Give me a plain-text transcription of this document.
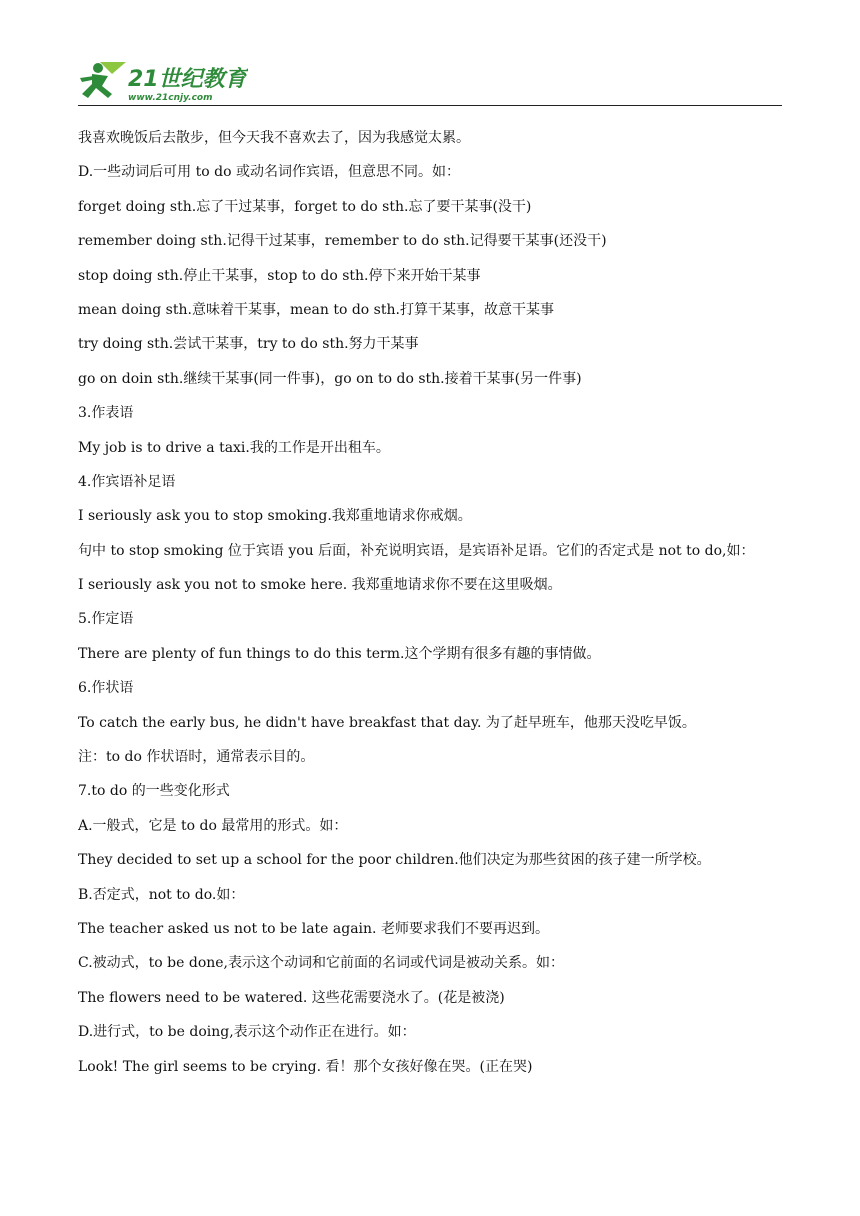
21世纪教育
www.21cnjy.com
我喜欢晚饭后去散步，但今天我不喜欢去了，因为我感觉太累。
D.一些动词后可用 to do 或动名词作宾语，但意思不同。如：
forget doing sth.忘了干过某事，forget to do sth.忘了要干某事(没干)
remember doing sth.记得干过某事，remember to do sth.记得要干某事(还没干)
stop doing sth.停止干某事，stop to do sth.停下来开始干某事
mean doing sth.意味着干某事，mean to do sth.打算干某事，故意干某事
try doing sth.尝试干某事，try to do sth.努力干某事
go on doin sth.继续干某事(同一件事)，go on to do sth.接着干某事(另一件事)
3.作表语
My job is to drive a taxi.我的工作是开出租车。
4.作宾语补足语
I seriously ask you to stop smoking.我郑重地请求你戒烟。
句中 to stop smoking 位于宾语 you 后面，补充说明宾语，是宾语补足语。它们的否定式是 not to do,如：
I seriously ask you not to smoke here. 我郑重地请求你不要在这里吸烟。
5.作定语
There are plenty of fun things to do this term.这个学期有很多有趣的事情做。
6.作状语
To catch the early bus, he didn't have breakfast that day. 为了赶早班车，他那天没吃早饭。
注：to do 作状语时，通常表示目的。
7.to do 的一些变化形式
A.一般式，它是 to do 最常用的形式。如：
They decided to set up a school for the poor children.他们决定为那些贫困的孩子建一所学校。
B.否定式，not to do.如：
The teacher asked us not to be late again. 老师要求我们不要再迟到。
C.被动式，to be done,表示这个动词和它前面的名词或代词是被动关系。如：
The flowers need to be watered. 这些花需要浇水了。(花是被浇)
D.进行式，to be doing,表示这个动作正在进行。如：
Look! The girl seems to be crying. 看！那个女孩好像在哭。(正在哭)
